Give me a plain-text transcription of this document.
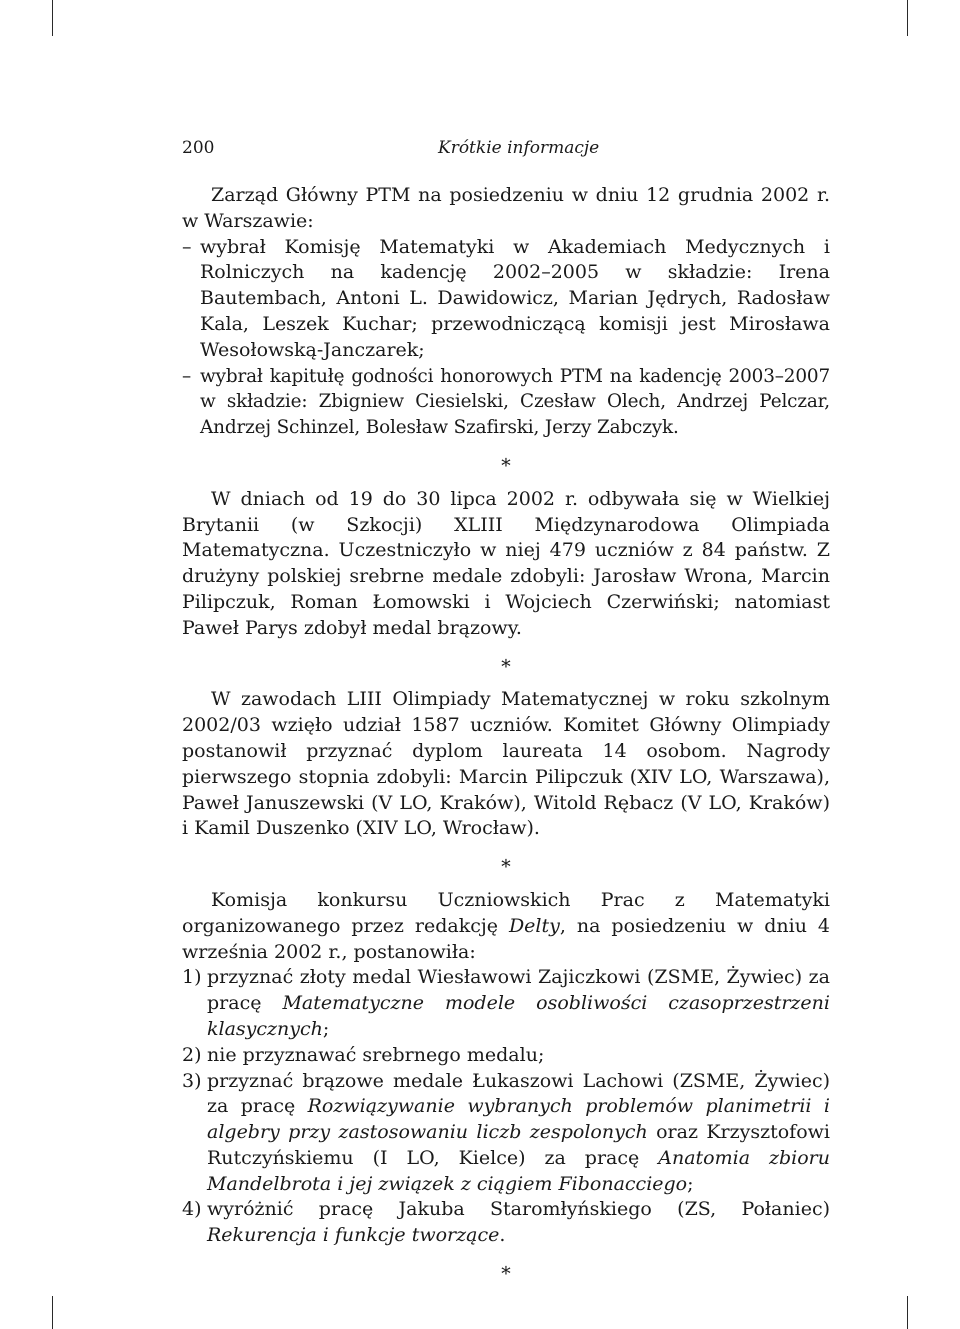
200	Krótkie informacje

Zarząd Główny PTM na posiedzeniu w dniu 12 grudnia 2002 r. w Warszawie:

– wybrał Komisję Matematyki w Akademiach Medycznych i Rolniczych na kadencję 2002–2005 w składzie: Irena Bautembach, Antoni L. Dawidowicz, Marian Jędrych, Radosław Kala, Leszek Kuchar; przewodniczącą komisji jest Mirosława Wesołowską-Janczarek;
– wybrał kapitułę godności honorowych PTM na kadencję 2003–2007 w składzie: Zbigniew Ciesielski, Czesław Olech, Andrzej Pelczar, Andrzej Schinzel, Bolesław Szafirski, Jerzy Zabczyk.
∗

W dniach od 19 do 30 lipca 2002 r. odbywała się w Wielkiej Brytanii (w Szkocji) XLIII Międzynarodowa Olimpiada Matematyczna. Uczestniczyło w niej 479 uczniów z 84 państw. Z drużyny polskiej srebrne medale zdobyli: Jarosław Wrona, Marcin Pilipczuk, Roman Łomowski i Wojciech Czerwiński; natomiast Paweł Parys zdobył medal brązowy.

∗

W zawodach LIII Olimpiady Matematycznej w roku szkolnym 2002/03 wzięło udział 1587 uczniów. Komitet Główny Olimpiady postanowił przyznać dyplom laureata 14 osobom. Nagrody pierwszego stopnia zdobyli: Marcin Pilipczuk (XIV LO, Warszawa), Paweł Januszewski (V LO, Kraków), Witold Rębacz (V LO, Kraków) i Kamil Duszenko (XIV LO, Wrocław).

∗

Komisja konkursu Uczniowskich Prac z Matematyki organizowanego przez redakcję Delty, na posiedzeniu w dniu 4 września 2002 r., postanowiła:

1) przyznać złoty medal Wiesławowi Zajiczkowi (ZSME, Żywiec) za pracę Matematyczne modele osobliwości czasoprzestrzeni klasycznych;
2) nie przyznawać srebrnego medalu;
3) przyznać brązowe medale Łukaszowi Lachowi (ZSME, Żywiec) za pracę Rozwiązywanie wybranych problemów planimetrii i algebry przy zastosowaniu liczb zespolonych oraz Krzysztofowi Rutczyńskiemu (I LO, Kielce) za pracę Anatomia zbioru Mandelbrota i jej związek z ciągiem Fibonacciego;
4) wyróżnić pracę Jakuba Staromłyńskiego (ZS, Połaniec) Rekurencja i funkcje tworzące.
∗
